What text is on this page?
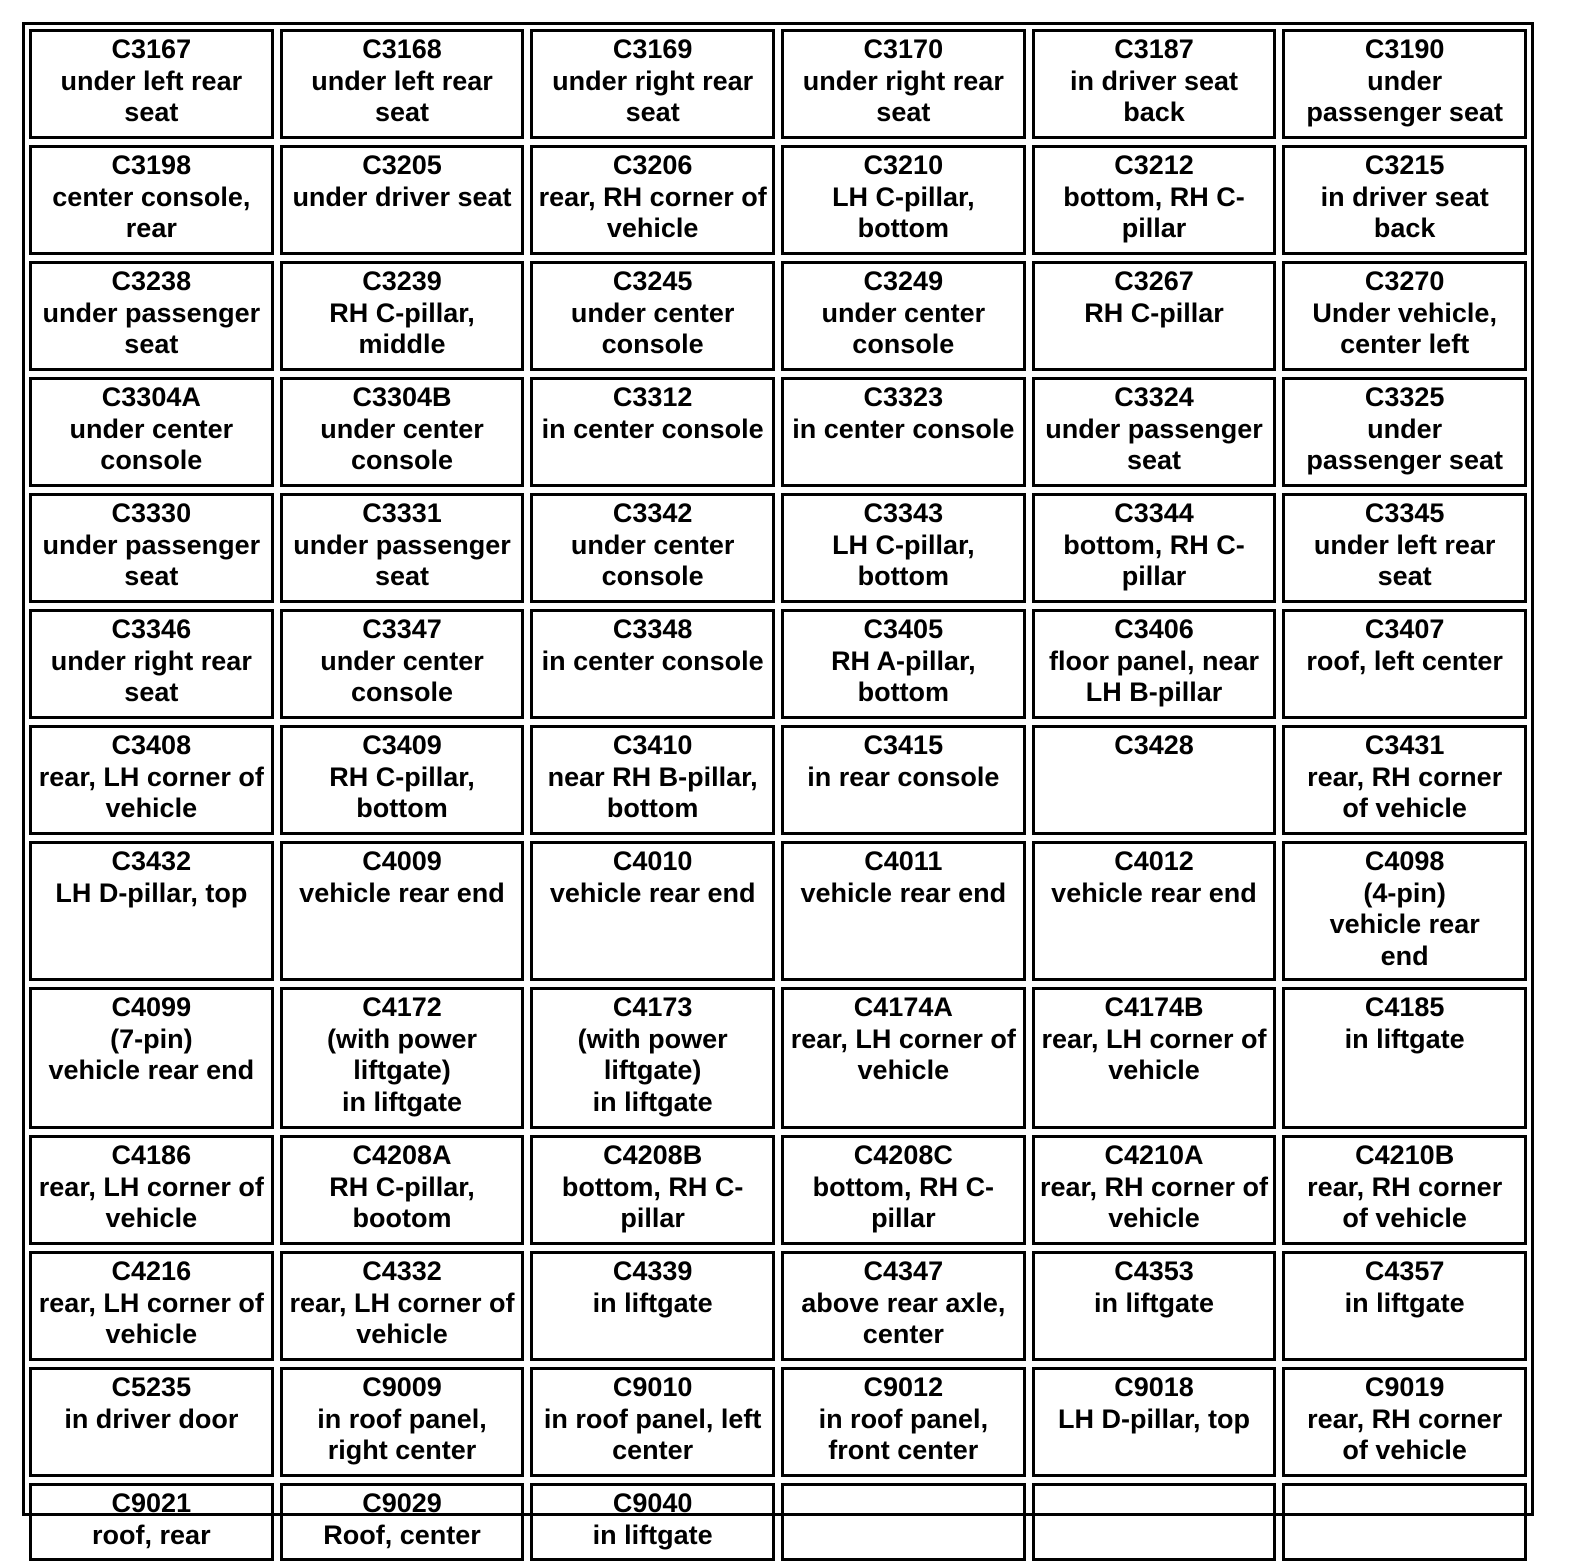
C3167
under left rear
seat
C3168
under left rear
seat
C3169
under right rear
seat
C3170
under right rear
seat
C3187
in driver seat
back
C3190
under
passenger seat
C3198
center console,
rear
C3205
under driver seat
C3206
rear, RH corner of
vehicle
C3210
LH C-pillar,
bottom
C3212
bottom, RH C-
pillar
C3215
in driver seat
back
C3238
under passenger
seat
C3239
RH C-pillar,
middle
C3245
under center
console
C3249
under center
console
C3267
RH C-pillar
C3270
Under vehicle,
center left
C3304A
under center
console
C3304B
under center
console
C3312
in center console
C3323
in center console
C3324
under passenger
seat
C3325
under
passenger seat
C3330
under passenger
seat
C3331
under passenger
seat
C3342
under center
console
C3343
LH C-pillar,
bottom
C3344
bottom, RH C-
pillar
C3345
under left rear
seat
C3346
under right rear
seat
C3347
under center
console
C3348
in center console
C3405
RH A-pillar,
bottom
C3406
floor panel, near
LH B-pillar
C3407
roof, left center
C3408
rear, LH corner of
vehicle
C3409
RH C-pillar,
bottom
C3410
near RH B-pillar,
bottom
C3415
in rear console
C3428	C3431
rear, RH corner
of vehicle
C3432
LH D-pillar, top
C4009
vehicle rear end
C4010
vehicle rear end
C4011
vehicle rear end
C4012
vehicle rear end
C4098
(4-pin)
vehicle rear
end
C4099
(7-pin)
vehicle rear end
C4172
(with power
liftgate)
in liftgate
C4173
(with power
liftgate)
in liftgate
C4174A
rear, LH corner of
vehicle
C4174B
rear, LH corner of
vehicle
C4185
in liftgate
C4186
rear, LH corner of
vehicle
C4208A
RH C-pillar,
bootom
C4208B
bottom, RH C-
pillar
C4208C
bottom, RH C-
pillar
C4210A
rear, RH corner of
vehicle
C4210B
rear, RH corner
of vehicle
C4216
rear, LH corner of
vehicle
C4332
rear, LH corner of
vehicle
C4339
in liftgate
C4347
above rear axle,
center
C4353
in liftgate
C4357
in liftgate
C5235
in driver door
C9009
in roof panel,
right center
C9010
in roof panel, left
center
C9012
in roof panel,
front center
C9018
LH D-pillar, top
C9019
rear, RH corner
of vehicle
C9021
roof, rear
C9029
Roof, center
C9040
in liftgate
